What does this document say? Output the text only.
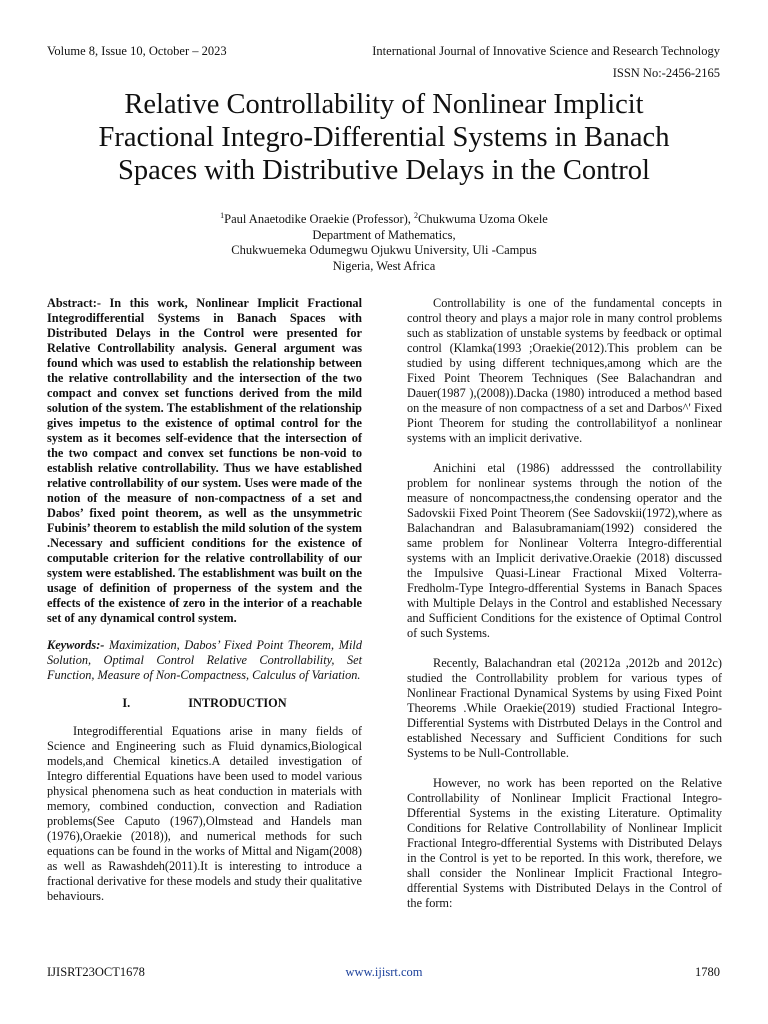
Volume 8, Issue 10, October – 2023	International Journal of Innovative Science and Research Technology
ISSN No:-2456-2165
Relative Controllability of Nonlinear Implicit
Fractional Integro-Differential Systems in Banach
Spaces with Distributive Delays in the Control
$^1$Paul Anaetodike Oraekie (Professor), $^2$Chukwuma Uzoma Okele
Department of Mathematics,
Chukwuemeka Odumegwu Ojukwu University, Uli -Campus
Nigeria, West Africa

Abstract:- In this work, Nonlinear Implicit Fractional Integrodifferential Systems in Banach Spaces with Distributed Delays in the Control were presented for Relative Controllability analysis. General argument was found which was used to establish the relationship between the relative controllability and the intersection of the two compact and convex set functions derived from the mild solution of the system. The establishment of the relationship gives impetus to the existence of optimal control for the system as it becomes self-evidence that the intersection of the two compact and convex set functions be non-void to establish relative controllability. Thus we have established relative controllability of our system. Uses were made of the notion of the measure of non-compactness of a set and Dabos’ fixed point theorem, as well as the unsymmetric Fubinis’ theorem to establish the mild solution of the system .Necessary and sufficient conditions for the existence of computable criterion for the relative controllability of our system were established. The establishment was built on the usage of definition of properness of the system and the effects of the existence of zero in the interior of a reachable set of any dynamical control system.

Keywords:- Maximization, Dabos’ Fixed Point Theorem, Mild Solution, Optimal Control Relative Controllability, Set Function, Measure of Non-Compactness, Calculus of Variation.

I.	INTRODUCTION

Integrodifferential Equations arise in many fields of Science and Engineering such as Fluid dynamics,Biological models,and Chemical kinetics.A detailed investigation of Integro differential Equations have been used to model various physical phenomena such as heat conduction in materials with memory, combined conduction, convection and Radiation problems(See Caputo (1967),Olmstead and Handels man (1976),Oraekie (2018)), and numerical methods for such equations can be found in the works of Mittal and Nigam(2008) as well as Rawashdeh(2011).It is interesting to introduce a fractional derivative for these models and study their qualitative behaviours.

Controllability is one of the fundamental concepts in control theory and plays a major role in many control problems such as stablization of unstable systems by feedback or optimal control (Klamka(1993 ;Oraekie(2012).This problem can be studied by using different techniques,among which are the Fixed Point Theorem Techniques (See Balachandran and Dauer(1987 ),(2008)).Dacka (1980) introduced a method based on the measure of non compactness of a set and Darbos^' Fixed Piont Theorem for studing the controllabilityof a nonlinear systems with an implicit derivative.

Anichini etal (1986) addresssed the controllability problem for nonlinear systems through the notion of the measure of noncompactness,the condensing operator and the Sadovskii Fixed Point Theorem (See Sadovskii(1972),where as Balachandran and Balasubramaniam(1992) considered the same problem for Nonlinear Volterra Integro-differential systems with an Implicit derivative.Oraekie (2018) discussed the Impulsive Quasi-Linear Fractional Mixed Volterra-Fredholm-Type Integro-dfferential Systems in Banach Spaces with Multiple Delays in the Control and established Necessary and Sufficient Conditions for the existence of Optimal Control of such Systems.

Recently, Balachandran etal (20212a ,2012b and 2012c) studied the Controllability problem for various types of Nonlinear Fractional Dynamical Systems by using Fixed Point Theorems .While Oraekie(2019) studied Fractional Integro-Differential Systems with Distrbuted Delays in the Control and established Necessary and Sufficient Conditions for such Systems to be Null-Controllable.

However, no work has been reported on the Relative Controllability of Nonlinear Implicit Fractional Integro-Dfferential Systems in the existing Literature. Optimality Conditions for Relative Controllability of Nonlinear Implicit Fractional Integro-dfferential Systems with Distributed Delays in the Control is yet to be reported. In this work, therefore, we shall consider the Nonlinear Implicit Fractional Integro-dfferential Systems with Distributed Delays in the Control of the form:

IJISRT23OCT1678	www.ijisrt.com	1780
